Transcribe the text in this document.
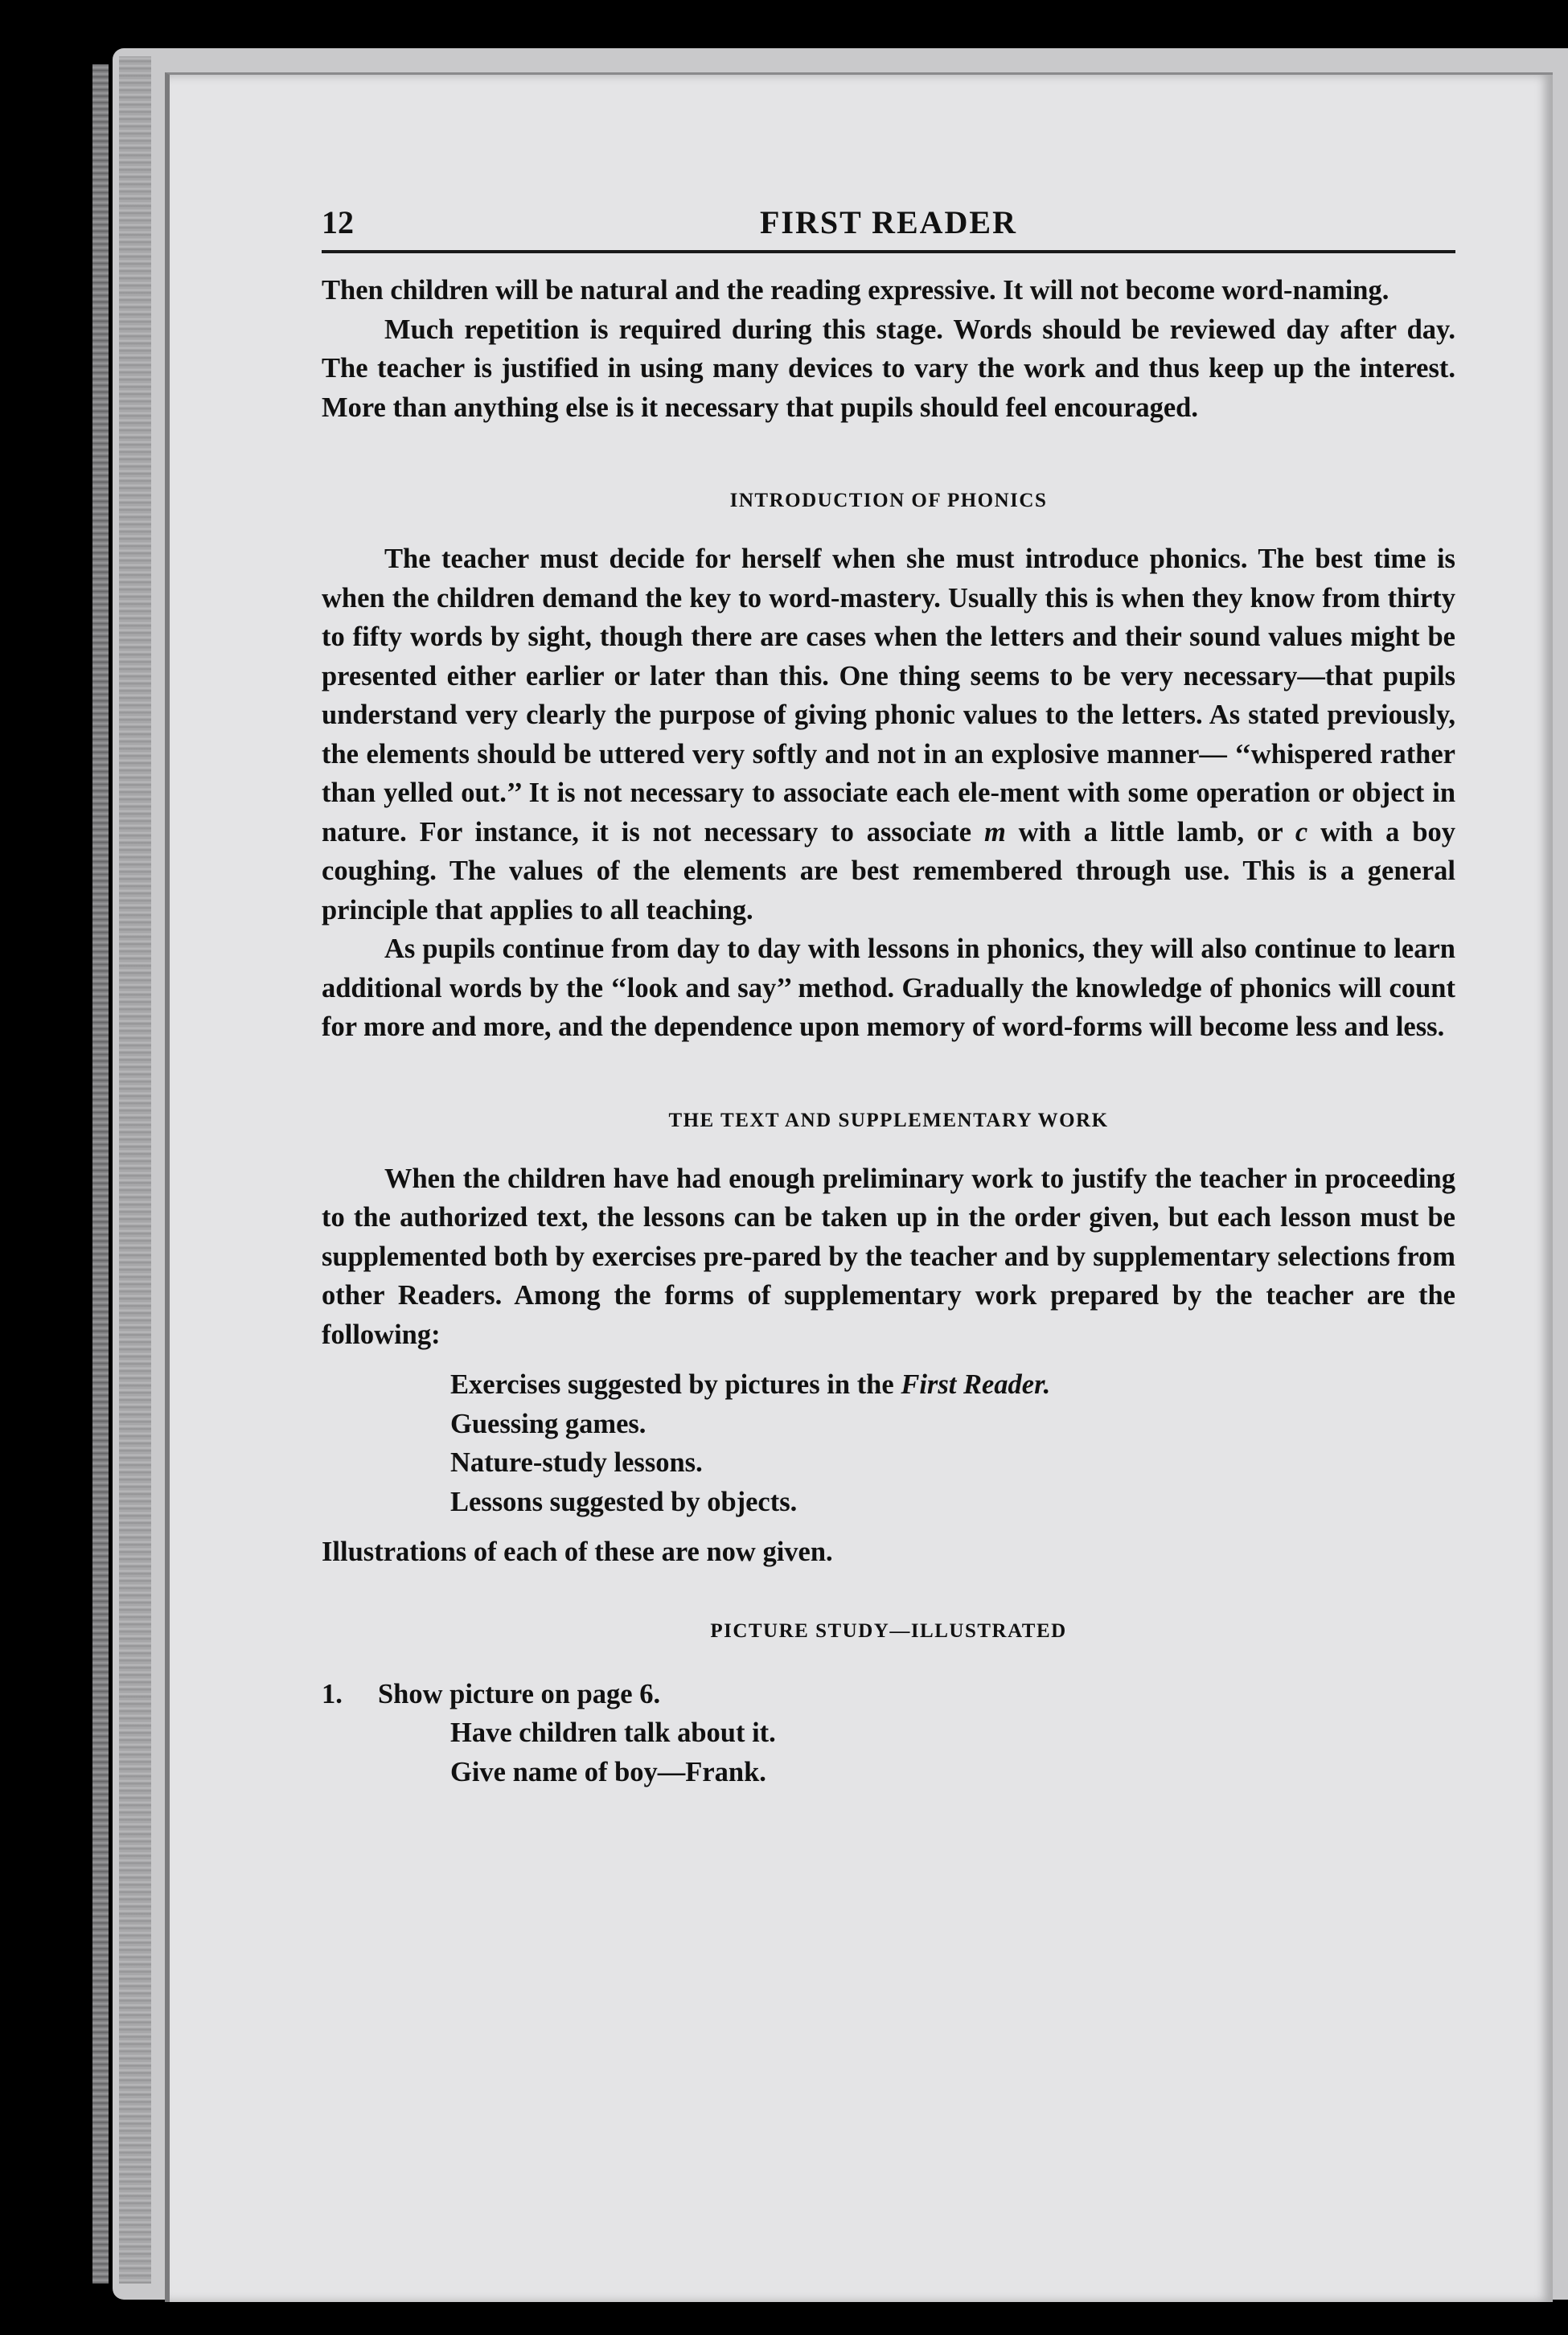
12	FIRST READER

Then children will be natural and the reading expressive. It will not become word-naming.

Much repetition is required during this stage. Words should be reviewed day after day. The teacher is justified in using many devices to vary the work and thus keep up the interest. More than anything else is it necessary that pupils should feel encouraged.

INTRODUCTION OF PHONICS

The teacher must decide for herself when she must introduce phonics. The best time is when the children demand the key to word-mastery. Usually this is when they know from thirty to fifty words by sight, though there are cases when the letters and their sound values might be presented either earlier or later than this. One thing seems to be very necessary—that pupils understand very clearly the purpose of giving phonic values to the letters. As stated previously, the elements should be uttered very softly and not in an explosive manner— ‘‘whispered rather than yelled out.’’ It is not necessary to associate each ele-ment with some operation or object in nature. For instance, it is not necessary to associate m with a little lamb, or c with a boy coughing. The values of the elements are best remembered through use. This is a general principle that applies to all teaching.

As pupils continue from day to day with lessons in phonics, they will also continue to learn additional words by the ‘‘look and say’’ method. Gradually the knowledge of phonics will count for more and more, and the dependence upon memory of word-forms will become less and less.

THE TEXT AND SUPPLEMENTARY WORK

When the children have had enough preliminary work to justify the teacher in proceeding to the authorized text, the lessons can be taken up in the order given, but each lesson must be supplemented both by exercises pre-pared by the teacher and by supplementary selections from other Readers. Among the forms of supplementary work prepared by the teacher are the following:

Exercises suggested by pictures in the First Reader.
Guessing games.
Nature-study lessons.
Lessons suggested by objects.

Illustrations of each of these are now given.

PICTURE STUDY—ILLUSTRATED
1. Show picture on page 6.
Have children talk about it.
Give name of boy—Frank.
